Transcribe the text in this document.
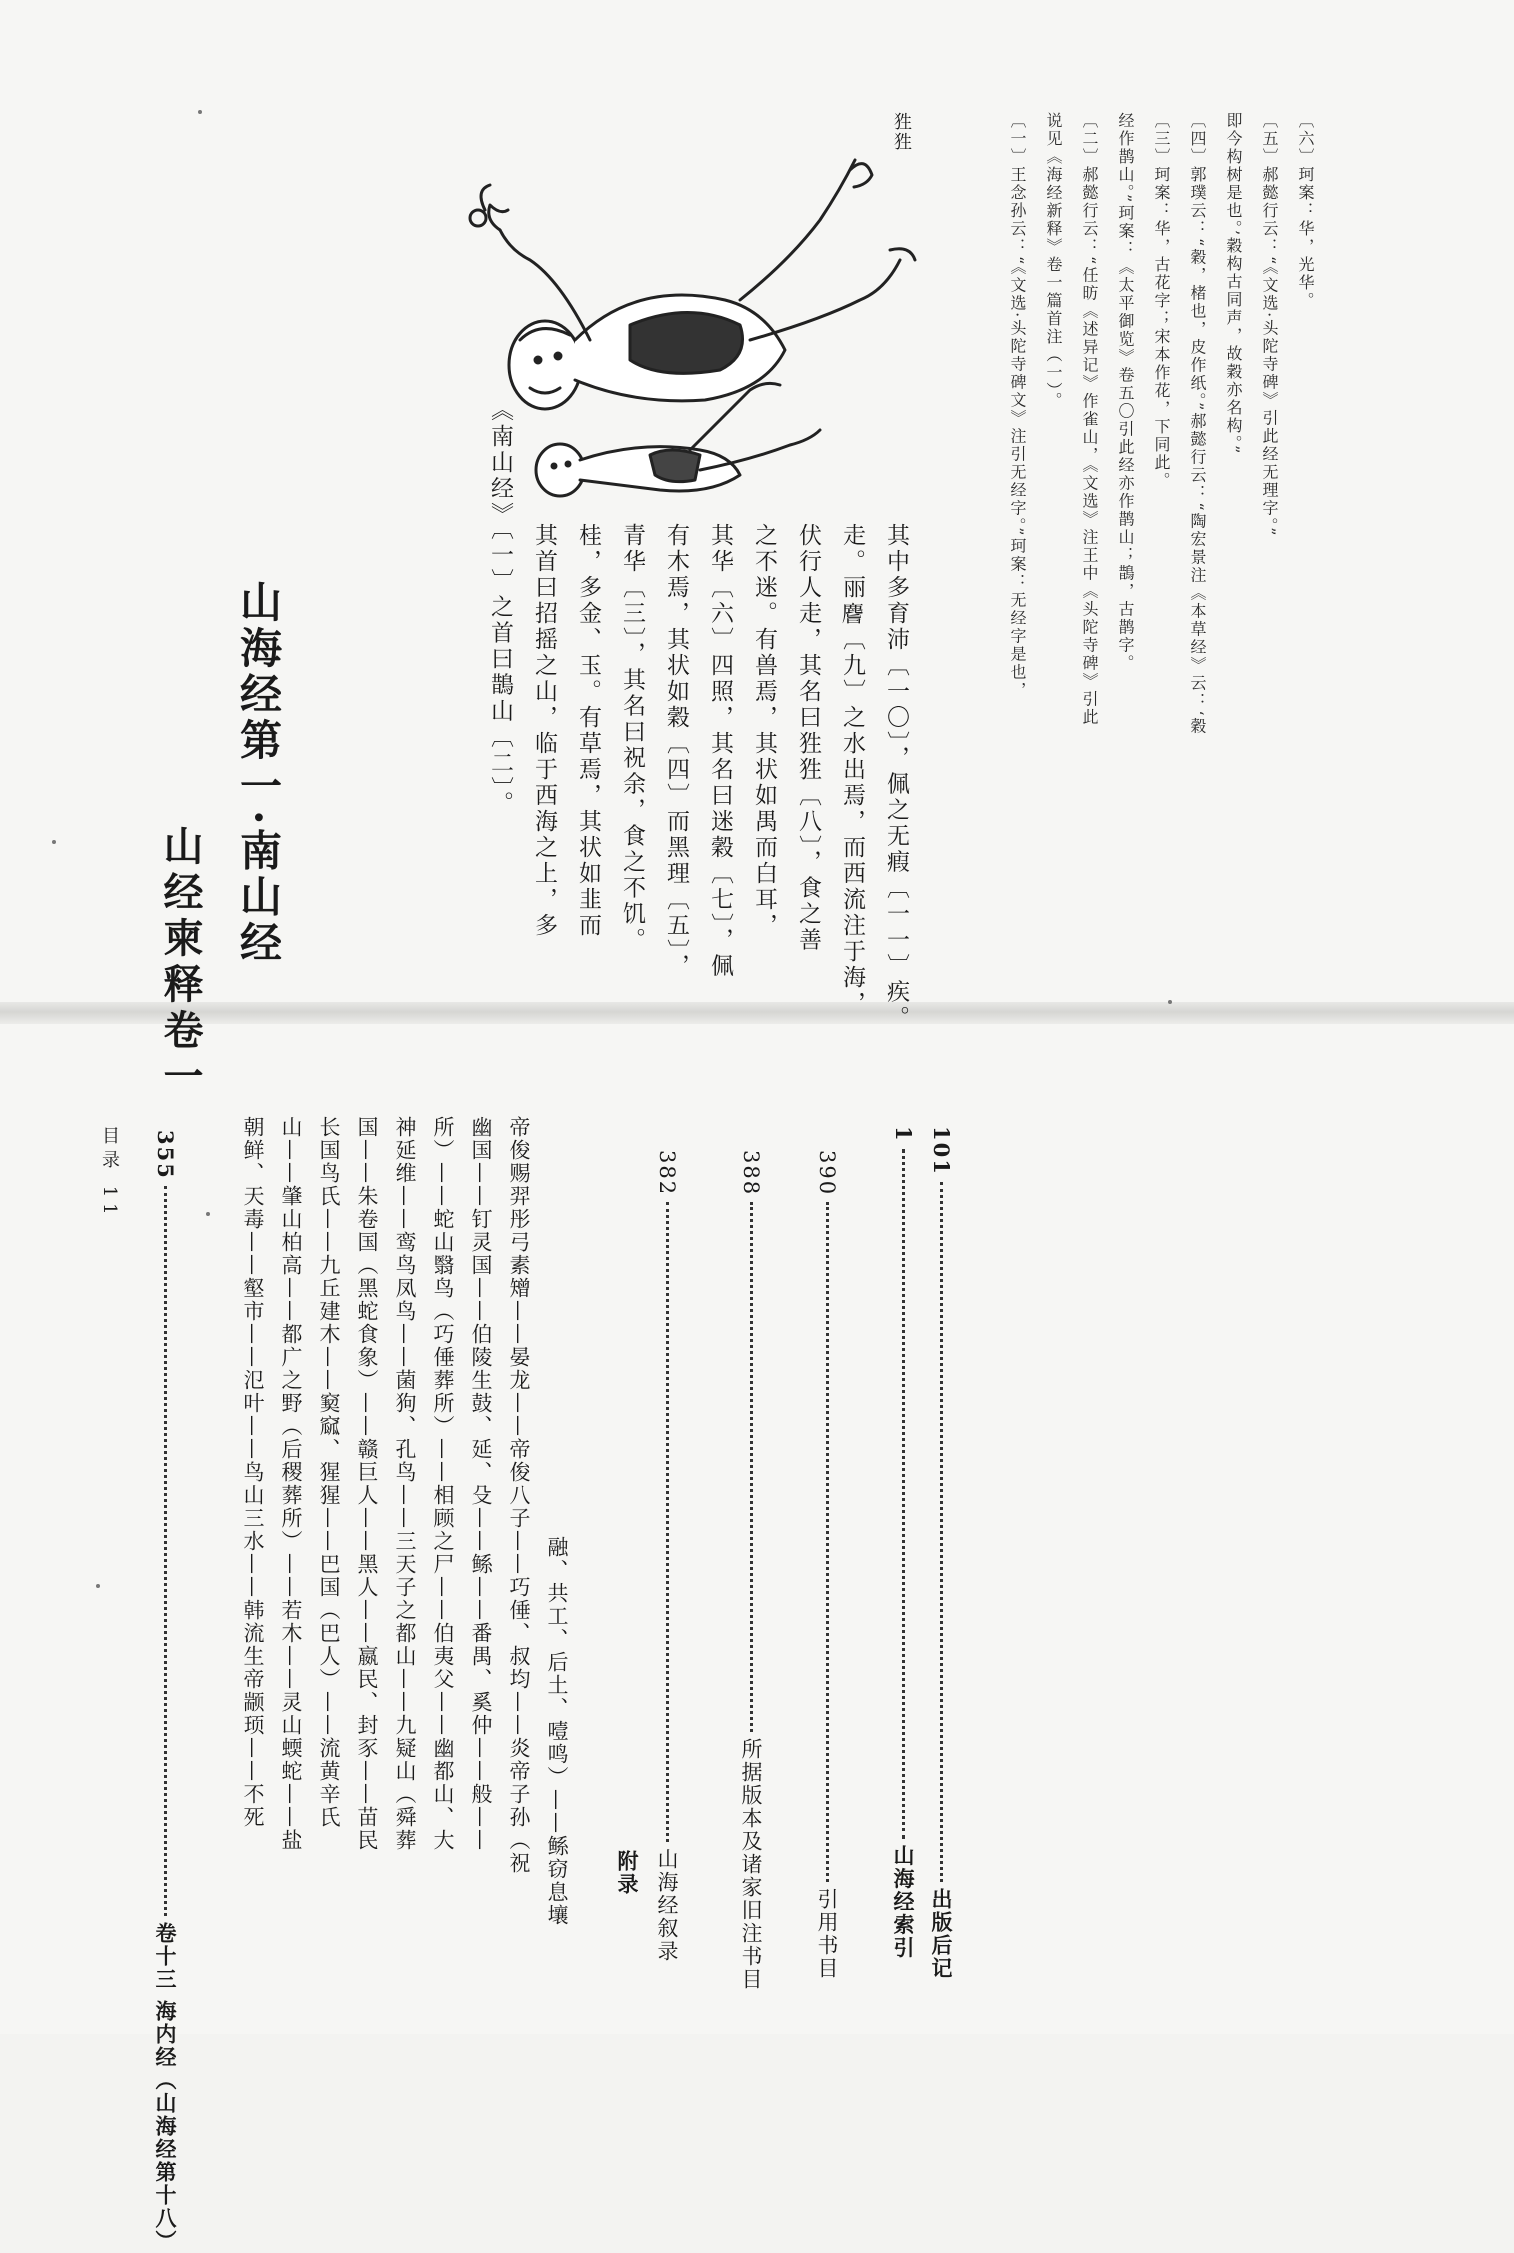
山经柬释卷一 山海经第一·南山经	《南山经》〔一〕之首曰鵲山〔二〕。 其首曰招摇之山，临于西海之上，多 桂，多金、玉。有草焉，其状如韭而 青华〔三〕，其名曰祝余，食之不饥。 有木焉，其状如穀〔四〕而黑理〔五〕， 其华〔六〕四照，其名曰迷穀〔七〕，佩 之不迷。有兽焉，其状如禺而白耳， 伏行人走，其名曰狌狌〔八〕，食之善 走。丽𪊨〔九〕之水出焉，而西流注于海， 其中多育沛〔一〇〕，佩之无瘕〔一一〕疾。
狌狌	〔一〕王念孙云：“《文选·头陀寺碑文》注引无经字。”珂案：无经字是也， 说见《海经新释》卷一篇首注（一）。 〔二〕郝懿行云：“任昉《述异记》作雀山，《文选》注王中《头陀寺碑》引此 经作鹊山。”珂案：《太平御览》卷五〇引此经亦作鹊山；鵲，古鹊字。 〔三〕珂案：华，古花字；宋本作花，下同此。 〔四〕郭璞云：“穀，楮也，皮作纸。”郝懿行云：“陶宏景注《本草经》云：‘穀 即今构树是也。’穀构古同声，故穀亦名构。” 〔五〕郝懿行云：“《文选·头陀寺碑》引此经无理字。” 〔六〕珂案：华，光华。
目录 11 355卷十三 海内经（山海经第十八）
朝鲜、天毒——壑市——氾叶——鸟山三水——韩流生帝颛顼——不死 山——肇山柏高——都广之野（后稷葬所）——若木——灵山蝡蛇——盐 长国鸟氏——九丘建木——窫窳、猩猩——巴国（巴人）——流黄辛氏 国——朱卷国（黑蛇食象）——赣巨人——黑人——嬴民、封豕——苗民 神延维——鸾鸟凤鸟——菌狗、孔鸟——三天子之都山——九疑山（舜葬 所）——蛇山翳鸟（巧倕葬所）——相顾之尸——伯夷父——幽都山、大 幽国——钉灵国——伯陵生鼓、延、殳——鲧——番禺、奚仲——般—— 帝俊赐羿彤弓素矰——晏龙——帝俊八子——巧倕、叔均——炎帝子孙（祝 融、共工、后土、噎鸣）——鲧窃息壤 附录
382山海经叙录
388所据版本及诸家旧注书目
390引用书目
1山海经索引
101出版后记
